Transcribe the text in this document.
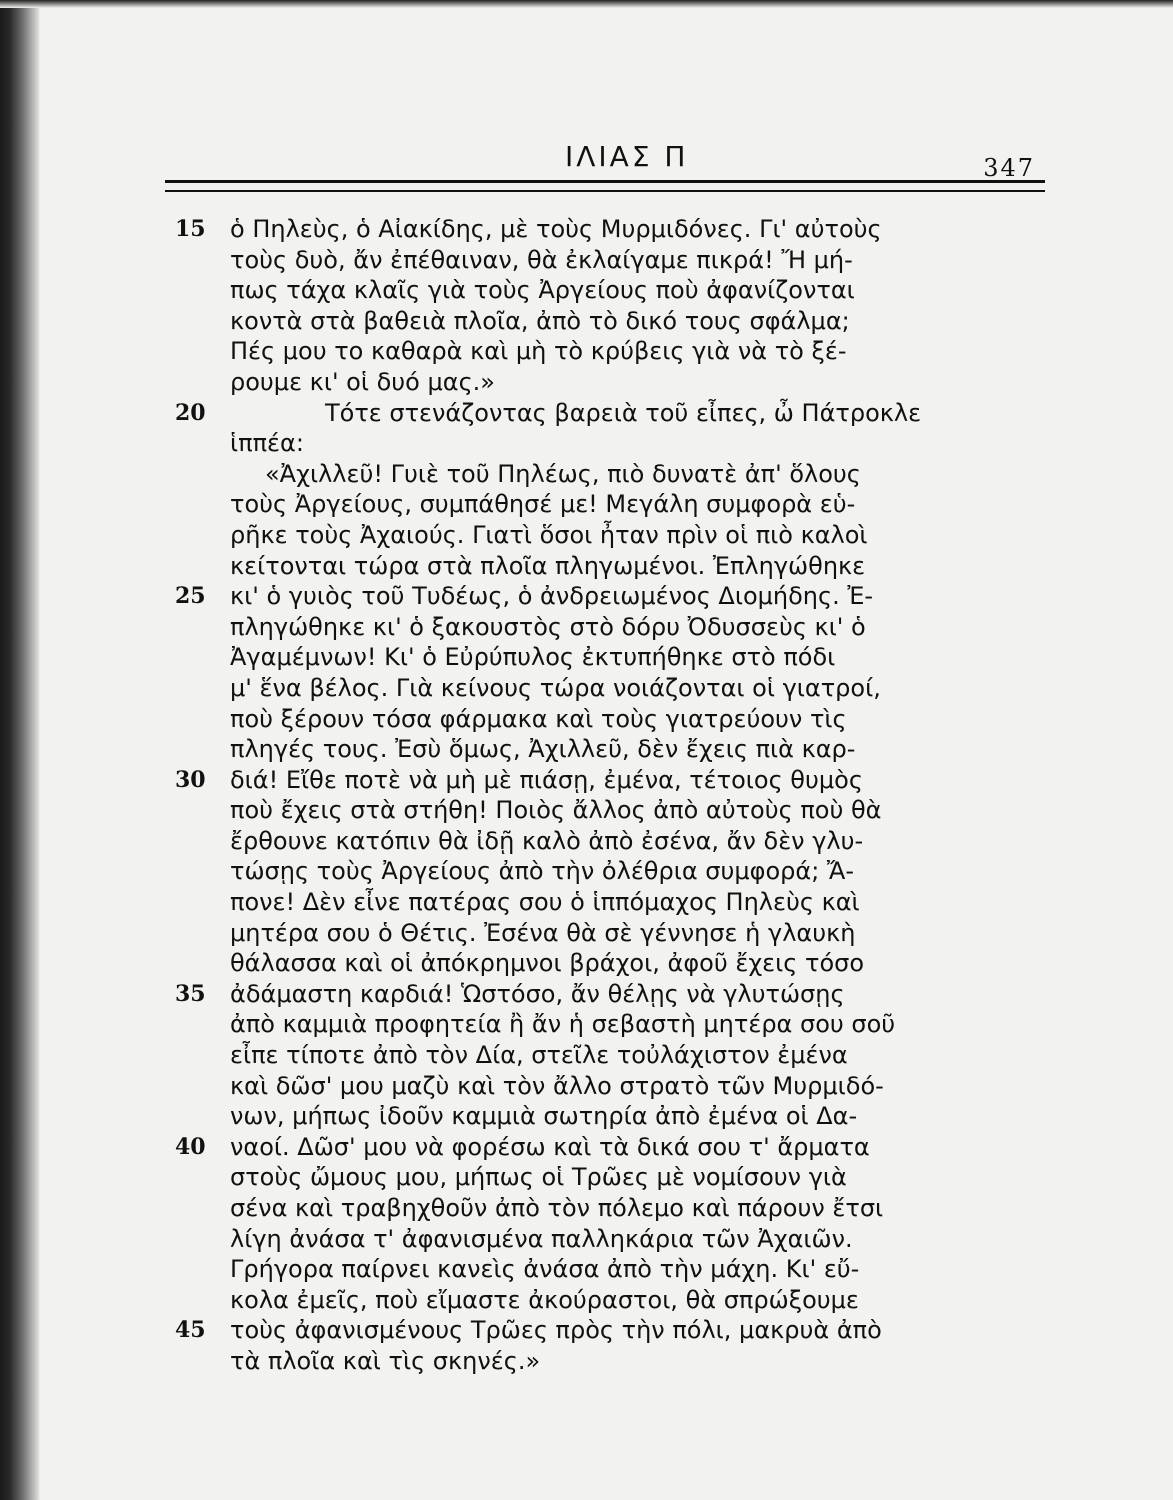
ΙΛΙΑΣ Π	347
15	ὁ Πηλεὺς, ὁ Αἰακίδης, μὲ τοὺς Μυρμιδόνες. Γι' αὐτοὺς
τοὺς δυὸ, ἄν ἐπέθαιναν, θὰ ἐκλαίγαμε πικρά! Ἤ μή-
πως τάχα κλαῖς γιὰ τοὺς Ἀργείους ποὺ ἀφανίζονται
κοντὰ στὰ βαθειὰ πλοῖα, ἀπὸ τὸ δικό τους σφάλμα;
Πές μου το καθαρὰ καὶ μὴ τὸ κρύβεις γιὰ νὰ τὸ ξέ-
ρουμε κι' οἱ δυό μας.»
20	Τότε στενάζοντας βαρειὰ τοῦ εἶπες, ὦ Πάτροκλε
ἱππέα:
«Ἀχιλλεῦ! Γυιὲ τοῦ Πηλέως, πιὸ δυνατὲ ἀπ' ὅλους
τοὺς Ἀργείους, συμπάθησέ με! Μεγάλη συμφορὰ εὑ-
ρῆκε τοὺς Ἀχαιούς. Γιατὶ ὅσοι ἦταν πρὶν οἱ πιὸ καλοὶ
κείτονται τώρα στὰ πλοῖα πληγωμένοι. Ἐπληγώθηκε
25	κι' ὁ γυιὸς τοῦ Τυδέως, ὁ ἀνδρειωμένος Διομήδης. Ἐ-
πληγώθηκε κι' ὁ ξακουστὸς στὸ δόρυ Ὀδυσσεὺς κι' ὁ
Ἀγαμέμνων! Κι' ὁ Εὐρύπυλος ἐκτυπήθηκε στὸ πόδι
μ' ἕνα βέλος. Γιὰ κείνους τώρα νοιάζονται οἱ γιατροί,
ποὺ ξέρουν τόσα φάρμακα καὶ τοὺς γιατρεύουν τὶς
πληγές τους. Ἐσὺ ὅμως, Ἀχιλλεῦ, δὲν ἔχεις πιὰ καρ-
30	διά! Εἴθε ποτὲ νὰ μὴ μὲ πιάσῃ, ἐμένα, τέτοιος θυμὸς
ποὺ ἔχεις στὰ στήθη! Ποιὸς ἄλλος ἀπὸ αὐτοὺς ποὺ θὰ
ἔρθουνε κατόπιν θὰ ἰδῇ καλὸ ἀπὸ ἐσένα, ἄν δὲν γλυ-
τώσῃς τοὺς Ἀργείους ἀπὸ τὴν ὀλέθρια συμφορά; Ἄ-
πονε! Δὲν εἶνε πατέρας σου ὁ ἱππόμαχος Πηλεὺς καὶ
μητέρα σου ὁ Θέτις. Ἐσένα θὰ σὲ γέννησε ἡ γλαυκὴ
θάλασσα καὶ οἱ ἀπόκρημνοι βράχοι, ἀφοῦ ἔχεις τόσο
35	ἀδάμαστη καρδιά! Ὡστόσο, ἄν θέλῃς νὰ γλυτώσῃς
ἀπὸ καμμιὰ προφητεία ἢ ἄν ἡ σεβαστὴ μητέρα σου σοῦ
εἶπε τίποτε ἀπὸ τὸν Δία, στεῖλε τοὐλάχιστον ἐμένα
καὶ δῶσ' μου μαζὺ καὶ τὸν ἄλλο στρατὸ τῶν Μυρμιδό-
νων, μήπως ἰδοῦν καμμιὰ σωτηρία ἀπὸ ἐμένα οἱ Δα-
40	ναοί. Δῶσ' μου νὰ φορέσω καὶ τὰ δικά σου τ' ἄρματα
στοὺς ὤμους μου, μήπως οἱ Τρῶες μὲ νομίσουν γιὰ
σένα καὶ τραβηχθοῦν ἀπὸ τὸν πόλεμο καὶ πάρουν ἔτσι
λίγη ἀνάσα τ' ἀφανισμένα παλληκάρια τῶν Ἀχαιῶν.
Γρήγορα παίρνει κανεὶς ἀνάσα ἀπὸ τὴν μάχη. Κι' εὔ-
κολα ἐμεῖς, ποὺ εἴμαστε ἀκούραστοι, θὰ σπρώξουμε
45	τοὺς ἀφανισμένους Τρῶες πρὸς τὴν πόλι, μακρυὰ ἀπὸ
τὰ πλοῖα καὶ τὶς σκηνές.»
